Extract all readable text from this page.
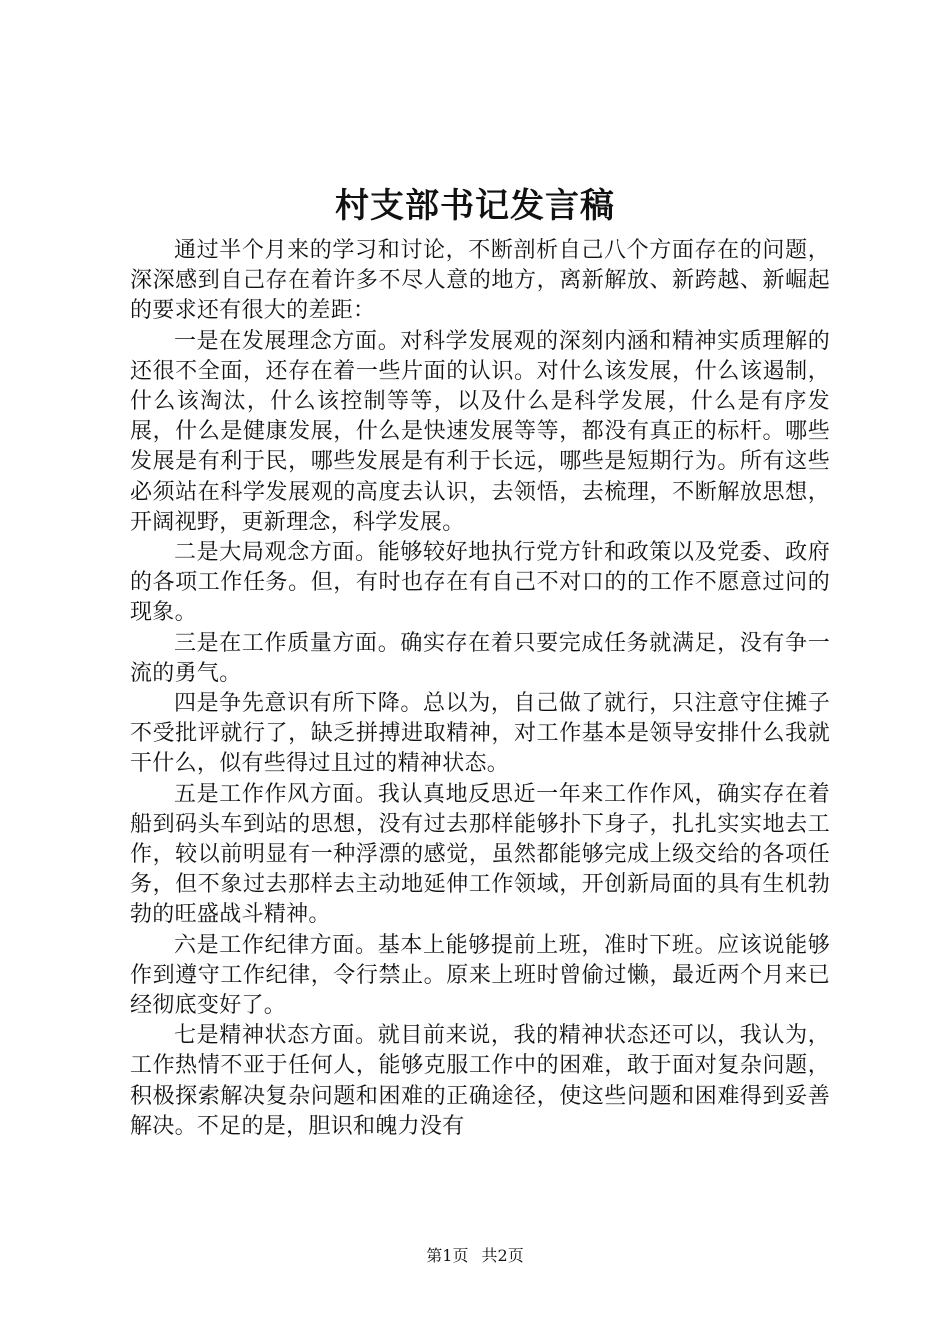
村支部书记发言稿

通过半个月来的学习和讨论，不断剖析自己八个方面存在的问题，深深感到自己存在着许多不尽人意的地方，离新解放、新跨越、新崛起的要求还有很大的差距：

一是在发展理念方面。对科学发展观的深刻内涵和精神实质理解的还很不全面，还存在着一些片面的认识。对什么该发展，什么该遏制，什么该淘汰，什么该控制等等，以及什么是科学发展，什么是有序发展，什么是健康发展，什么是快速发展等等，都没有真正的标杆。哪些发展是有利于民，哪些发展是有利于长远，哪些是短期行为。所有这些必须站在科学发展观的高度去认识，去领悟，去梳理，不断解放思想，开阔视野，更新理念，科学发展。

二是大局观念方面。能够较好地执行党方针和政策以及党委、政府的各项工作任务。但，有时也存在有自己不对口的的工作不愿意过问的现象。

三是在工作质量方面。确实存在着只要完成任务就满足，没有争一流的勇气。

四是争先意识有所下降。总以为，自己做了就行，只注意守住摊子不受批评就行了，缺乏拼搏进取精神，对工作基本是领导安排什么我就干什么，似有些得过且过的精神状态。

五是工作作风方面。我认真地反思近一年来工作作风，确实存在着船到码头车到站的思想，没有过去那样能够扑下身子，扎扎实实地去工作，较以前明显有一种浮漂的感觉，虽然都能够完成上级交给的各项任务，但不象过去那样去主动地延伸工作领域，开创新局面的具有生机勃勃的旺盛战斗精神。

六是工作纪律方面。基本上能够提前上班，准时下班。应该说能够作到遵守工作纪律，令行禁止。原来上班时曾偷过懒，最近两个月来已经彻底变好了。

七是精神状态方面。就目前来说，我的精神状态还可以，我认为，工作热情不亚于任何人，能够克服工作中的困难，敢于面对复杂问题，积极探索解决复杂问题和困难的正确途径，使这些问题和困难得到妥善解决。不足的是，胆识和魄力没有

第1页 共2页
